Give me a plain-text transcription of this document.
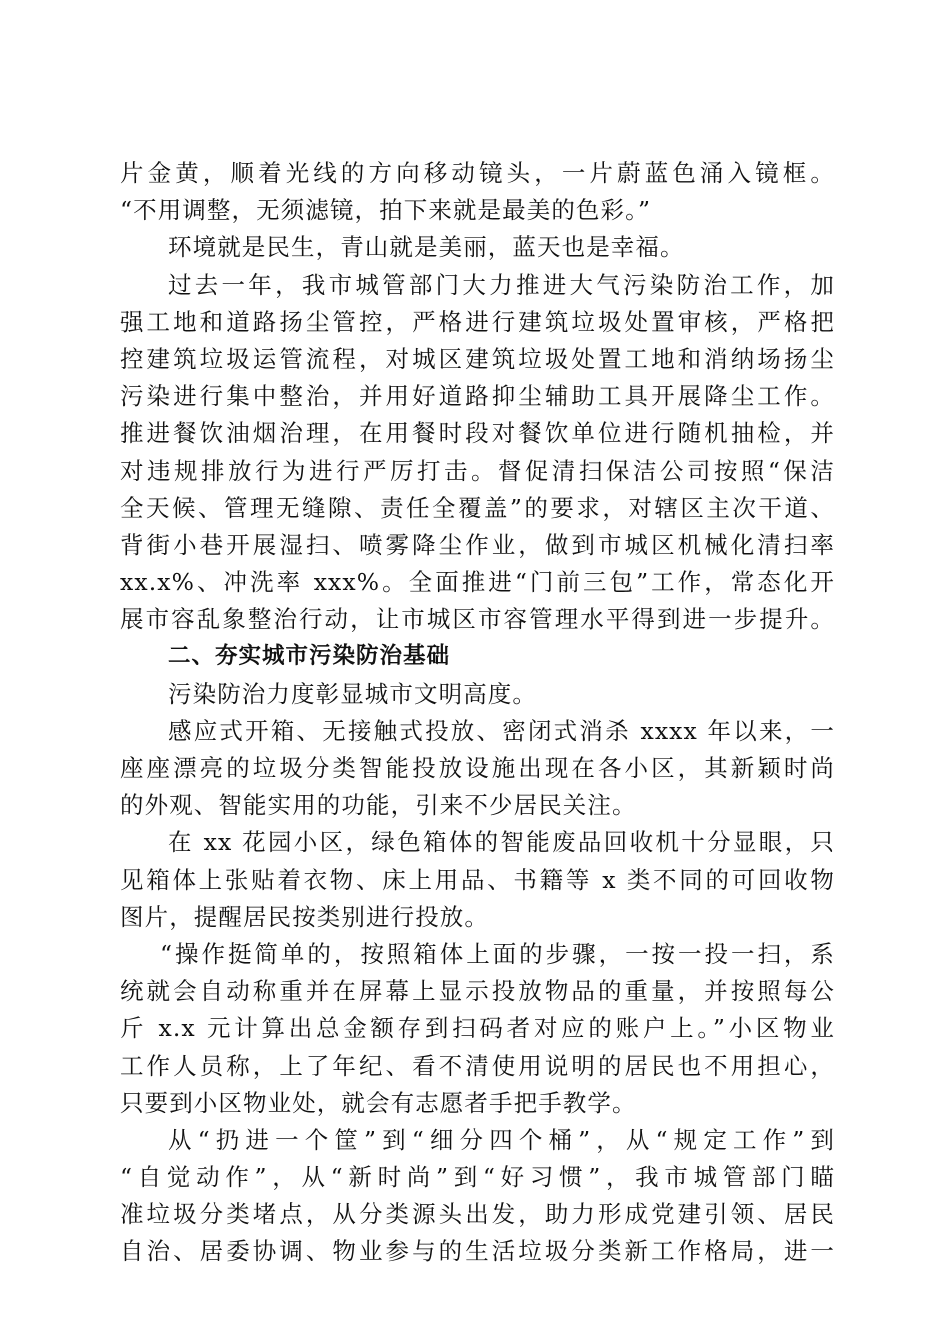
片金黄，顺着光线的方向移动镜头，一片蔚蓝色涌入镜框。
“不用调整，无须滤镜，拍下来就是最美的色彩。”
环境就是民生，青山就是美丽，蓝天也是幸福。
过去一年，我市城管部门大力推进大气污染防治工作，加
强工地和道路扬尘管控，严格进行建筑垃圾处置审核，严格把
控建筑垃圾运管流程，对城区建筑垃圾处置工地和消纳场扬尘
污染进行集中整治，并用好道路抑尘辅助工具开展降尘工作。
推进餐饮油烟治理，在用餐时段对餐饮单位进行随机抽检，并
对违规排放行为进行严厉打击。督促清扫保洁公司按照“保洁
全天候、管理无缝隙、责任全覆盖”的要求，对辖区主次干道、
背街小巷开展湿扫、喷雾降尘作业，做到市城区机械化清扫率
xx.x%、冲洗率 xxx%。全面推进“门前三包”工作，常态化开
展市容乱象整治行动，让市城区市容管理水平得到进一步提升。
二、夯实城市污染防治基础
污染防治力度彰显城市文明高度。
感应式开箱、无接触式投放、密闭式消杀 xxxx 年以来，一
座座漂亮的垃圾分类智能投放设施出现在各小区，其新颖时尚
的外观、智能实用的功能，引来不少居民关注。
在 xx 花园小区，绿色箱体的智能废品回收机十分显眼，只
见箱体上张贴着衣物、床上用品、书籍等 x 类不同的可回收物
图片，提醒居民按类别进行投放。
“操作挺简单的，按照箱体上面的步骤，一按一投一扫，系
统就会自动称重并在屏幕上显示投放物品的重量，并按照每公
斤 x.x 元计算出总金额存到扫码者对应的账户上。”小区物业
工作人员称，上了年纪、看不清使用说明的居民也不用担心，
只要到小区物业处，就会有志愿者手把手教学。
从“扔进一个筐”到“细分四个桶”，从“规定工作”到
“自觉动作”，从“新时尚”到“好习惯”，我市城管部门瞄
准垃圾分类堵点，从分类源头出发，助力形成党建引领、居民
自治、居委协调、物业参与的生活垃圾分类新工作格局，进一
